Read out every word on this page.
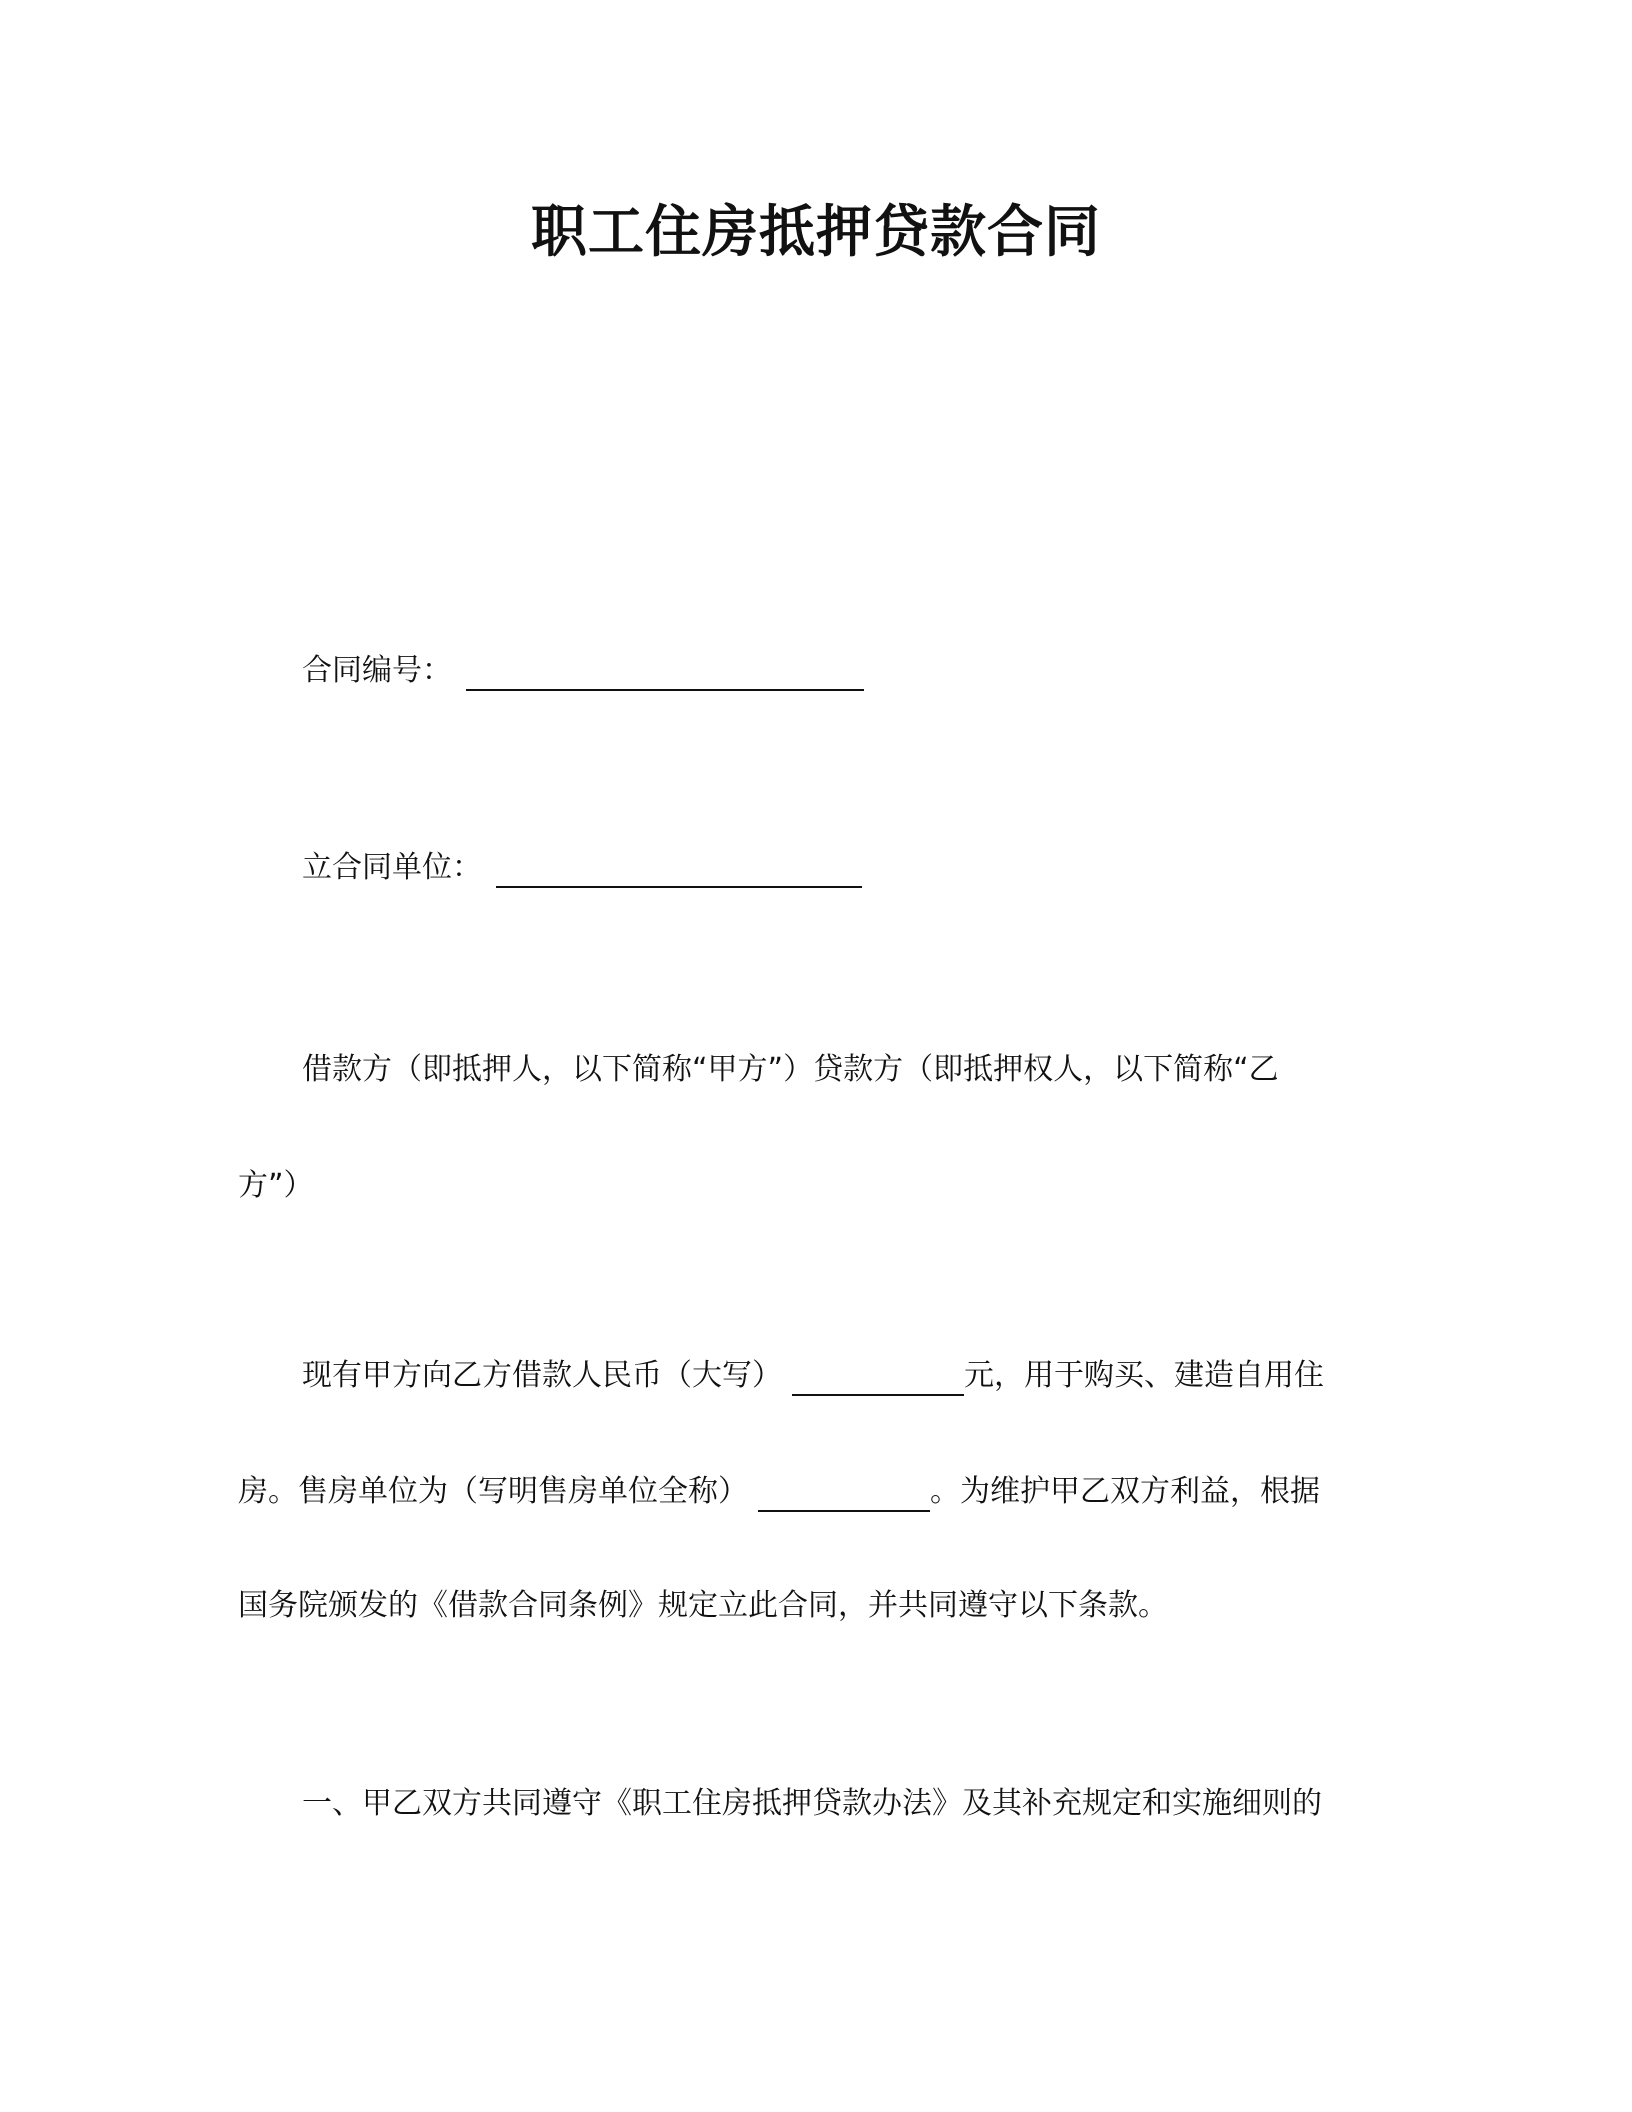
职工住房抵押贷款合同
合同编号：
立合同单位：
借款方（即抵押人，以下简称“甲方”）贷款方（即抵押权人，以下简称“乙
方”）
现有甲方向乙方借款人民币（大写）	元，用于购买、建造自用住
房。售房单位为（写明售房单位全称）	。为维护甲乙双方利益，根据
国务院颁发的《借款合同条例》规定立此合同，并共同遵守以下条款。
一、甲乙双方共同遵守《职工住房抵押贷款办法》及其补充规定和实施细则的
